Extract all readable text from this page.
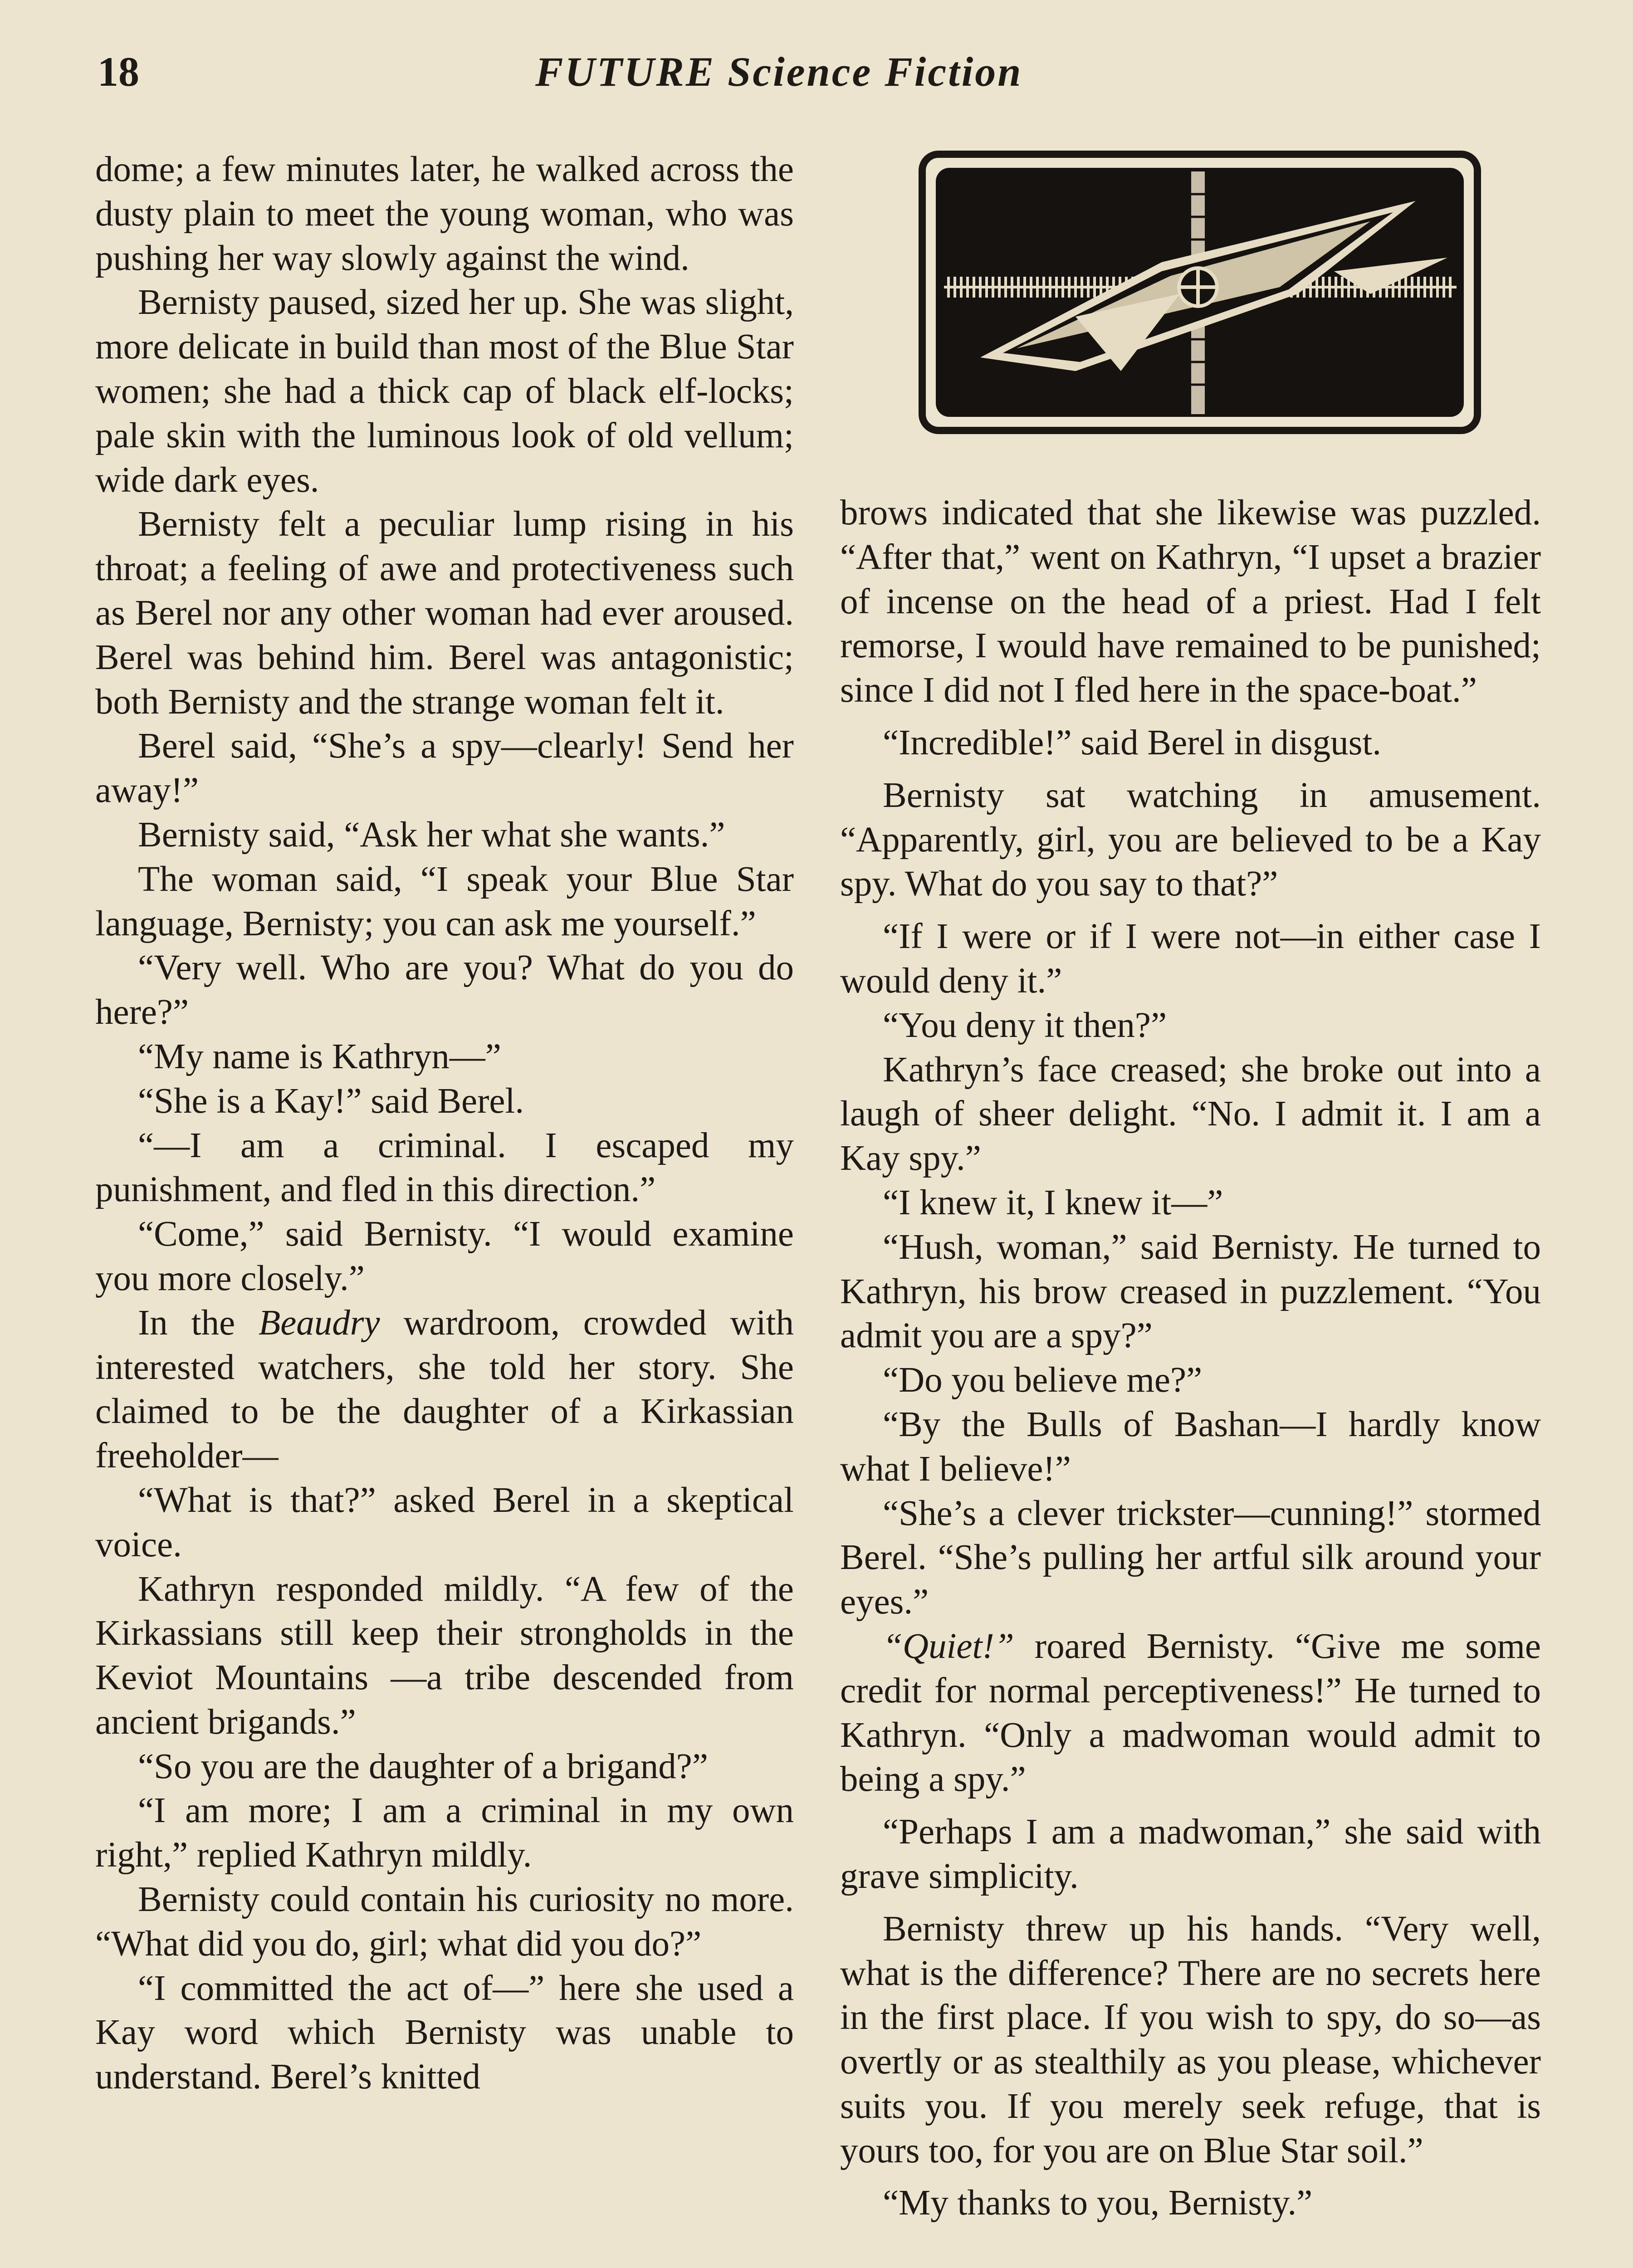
18	FUTURE Science Fiction

dome; a few minutes later, he walked across the dusty plain to meet the young woman, who was pushing her way slowly against the wind.

Bernisty paused, sized her up. She was slight, more delicate in build than most of the Blue Star women; she had a thick cap of black elf-locks; pale skin with the luminous look of old vellum; wide dark eyes.

Bernisty felt a peculiar lump rising in his throat; a feeling of awe and protectiveness such as Berel nor any other woman had ever aroused. Berel was behind him. Berel was antagonistic; both Bernisty and the strange woman felt it.

Berel said, “She’s a spy—clearly! Send her away!”

Bernisty said, “Ask her what she wants.”

The woman said, “I speak your Blue Star language, Bernisty; you can ask me yourself.”

“Very well. Who are you? What do you do here?”

“My name is Kathryn—”

“She is a Kay!” said Berel.

“—I am a criminal. I escaped my punishment, and fled in this direction.”

“Come,” said Bernisty. “I would examine you more closely.”

In the Beaudry wardroom, crowded with interested watchers, she told her story. She claimed to be the daughter of a Kirkassian freeholder—

“What is that?” asked Berel in a skeptical voice.

Kathryn responded mildly. “A few of the Kirkassians still keep their strongholds in the Keviot Mountains —a tribe descended from ancient brigands.”

“So you are the daughter of a brigand?”

“I am more; I am a criminal in my own right,” replied Kathryn mildly.

Bernisty could contain his curiosity no more. “What did you do, girl; what did you do?”

“I committed the act of—” here she used a Kay word which Bernisty was unable to understand. Berel’s knitted

brows indicated that she likewise was puzzled. “After that,” went on Kathryn, “I upset a brazier of incense on the head of a priest. Had I felt remorse, I would have remained to be punished; since I did not I fled here in the space-boat.”

“Incredible!” said Berel in disgust.

Bernisty sat watching in amusement. “Apparently, girl, you are believed to be a Kay spy. What do you say to that?”

“If I were or if I were not—in either case I would deny it.”

“You deny it then?”

Kathryn’s face creased; she broke out into a laugh of sheer delight. “No. I admit it. I am a Kay spy.”

“I knew it, I knew it—”

“Hush, woman,” said Bernisty. He turned to Kathryn, his brow creased in puzzlement. “You admit you are a spy?”

“Do you believe me?”

“By the Bulls of Bashan—I hardly know what I believe!”

“She’s a clever trickster—cunning!” stormed Berel. “She’s pulling her artful silk around your eyes.”

“Quiet!” roared Bernisty. “Give me some credit for normal perceptiveness!” He turned to Kathryn. “Only a madwoman would admit to being a spy.”

“Perhaps I am a madwoman,” she said with grave simplicity.

Bernisty threw up his hands. “Very well, what is the difference? There are no secrets here in the first place. If you wish to spy, do so—as overtly or as stealthily as you please, whichever suits you. If you merely seek refuge, that is yours too, for you are on Blue Star soil.”

“My thanks to you, Bernisty.”
